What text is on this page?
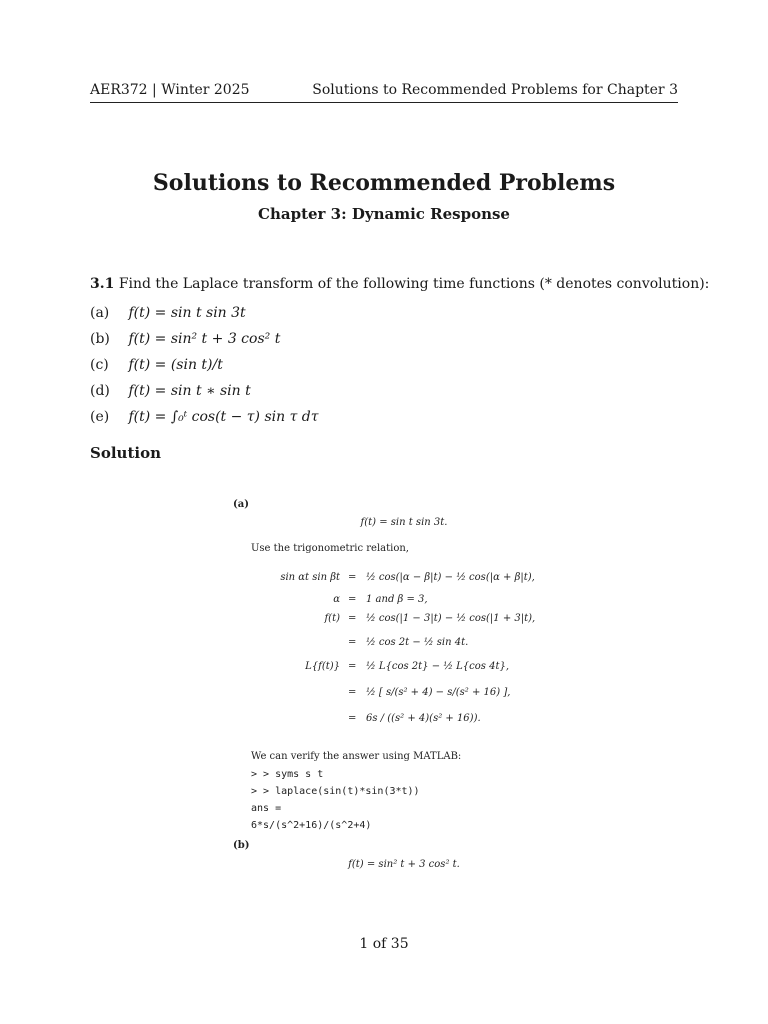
AER372 | Winter 2025	Solutions to Recommended Problems for Chapter 3
Solutions to Recommended Problems
Chapter 3: Dynamic Response
3.1 Find the Laplace transform of the following time functions (* denotes convolution):
(a) f(t) = sin t sin 3t
(b) f(t) = sin² t + 3 cos² t
(c) f(t) = (sin t)/t
(d) f(t) = sin t ∗ sin t
(e) f(t) = ∫₀ᵗ cos(t − τ) sin τ dτ
Solution
(a)
f(t) = sin t sin 3t.
Use the trigonometric relation,
sin αt sin βt = ½ cos(|α − β|t) − ½ cos(|α + β|t),
α = 1 and β = 3,
f(t) = ½ cos(|1 − 3|t) − ½ cos(|1 + 3|t),
= ½ cos 2t − ½ sin 4t.
L{f(t)} = ½ L{cos 2t} − ½ L{cos 4t},
= ½ [ s/(s² + 4) − s/(s² + 16) ],
= 6s / ((s² + 4)(s² + 16)).
We can verify the answer using MATLAB:
> > syms s t
> > laplace(sin(t)*sin(3*t))
ans =
6*s/(s^2+16)/(s^2+4)
(b)
f(t) = sin² t + 3 cos² t.
1 of 35
